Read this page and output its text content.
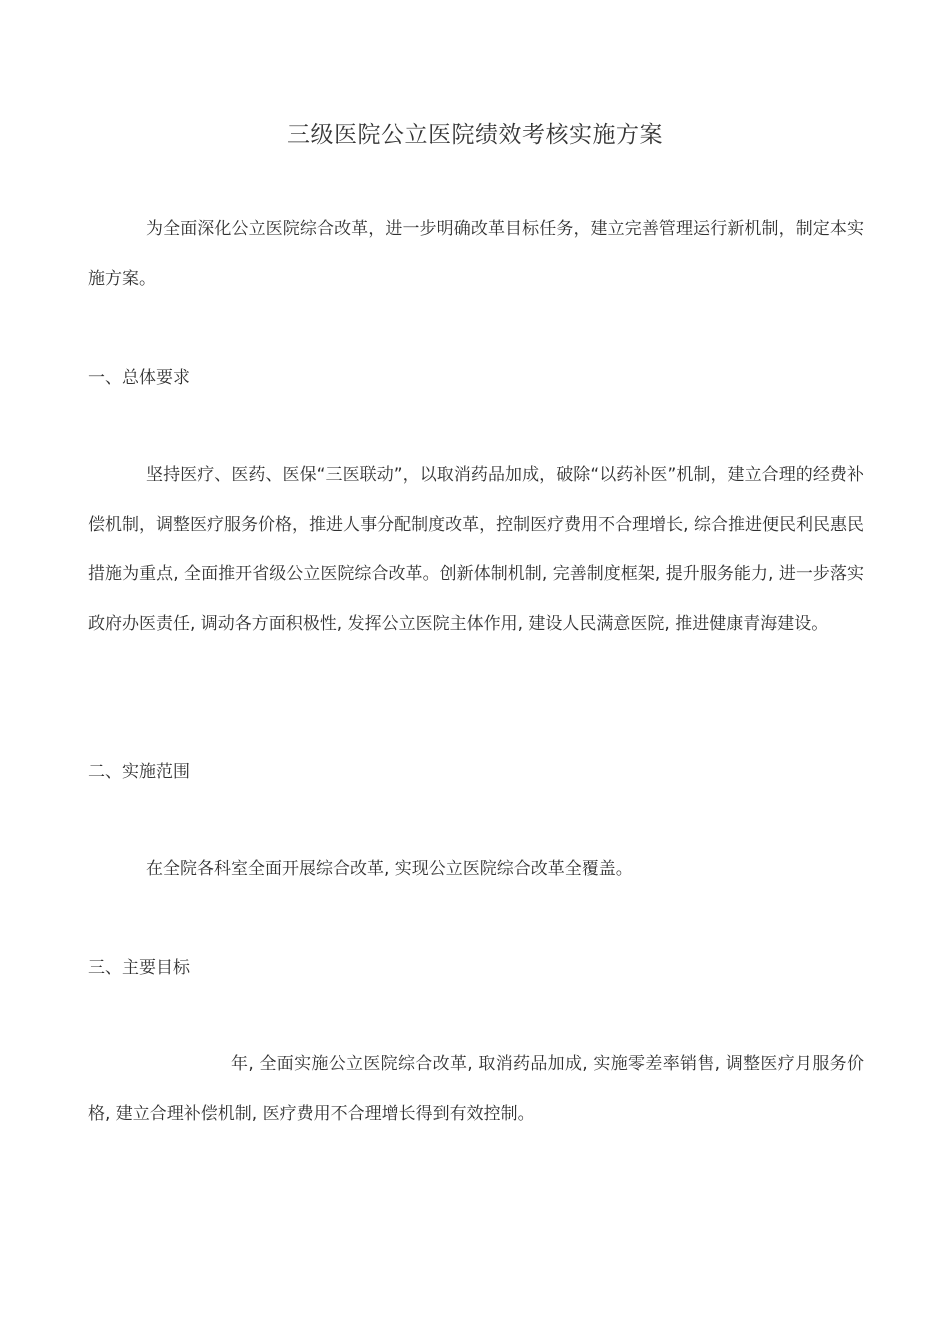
三级医院公立医院绩效考核实施方案

为全面深化公立医院综合改革，进一步明确改革目标任务，建立完善管理运行新机制，制定本实施方案。

一、总体要求

坚持医疗、医药、医保“三医联动”，以取消药品加成，破除“以药补医”机制，建立合理的经费补偿机制，调整医疗服务价格，推进人事分配制度改革，控制医疗费用不合理增长, 综合推进便民利民惠民措施为重点, 全面推开省级公立医院综合改革。创新体制机制, 完善制度框架, 提升服务能力, 进一步落实政府办医责任, 调动各方面积极性, 发挥公立医院主体作用, 建设人民满意医院, 推进健康青海建设。

二、实施范围

在全院各科室全面开展综合改革, 实现公立医院综合改革全覆盖。

三、主要目标

年, 全面实施公立医院综合改革, 取消药品加成, 实施零差率销售, 调整医疗月服务价格, 建立合理补偿机制, 医疗费用不合理增长得到有效控制。
